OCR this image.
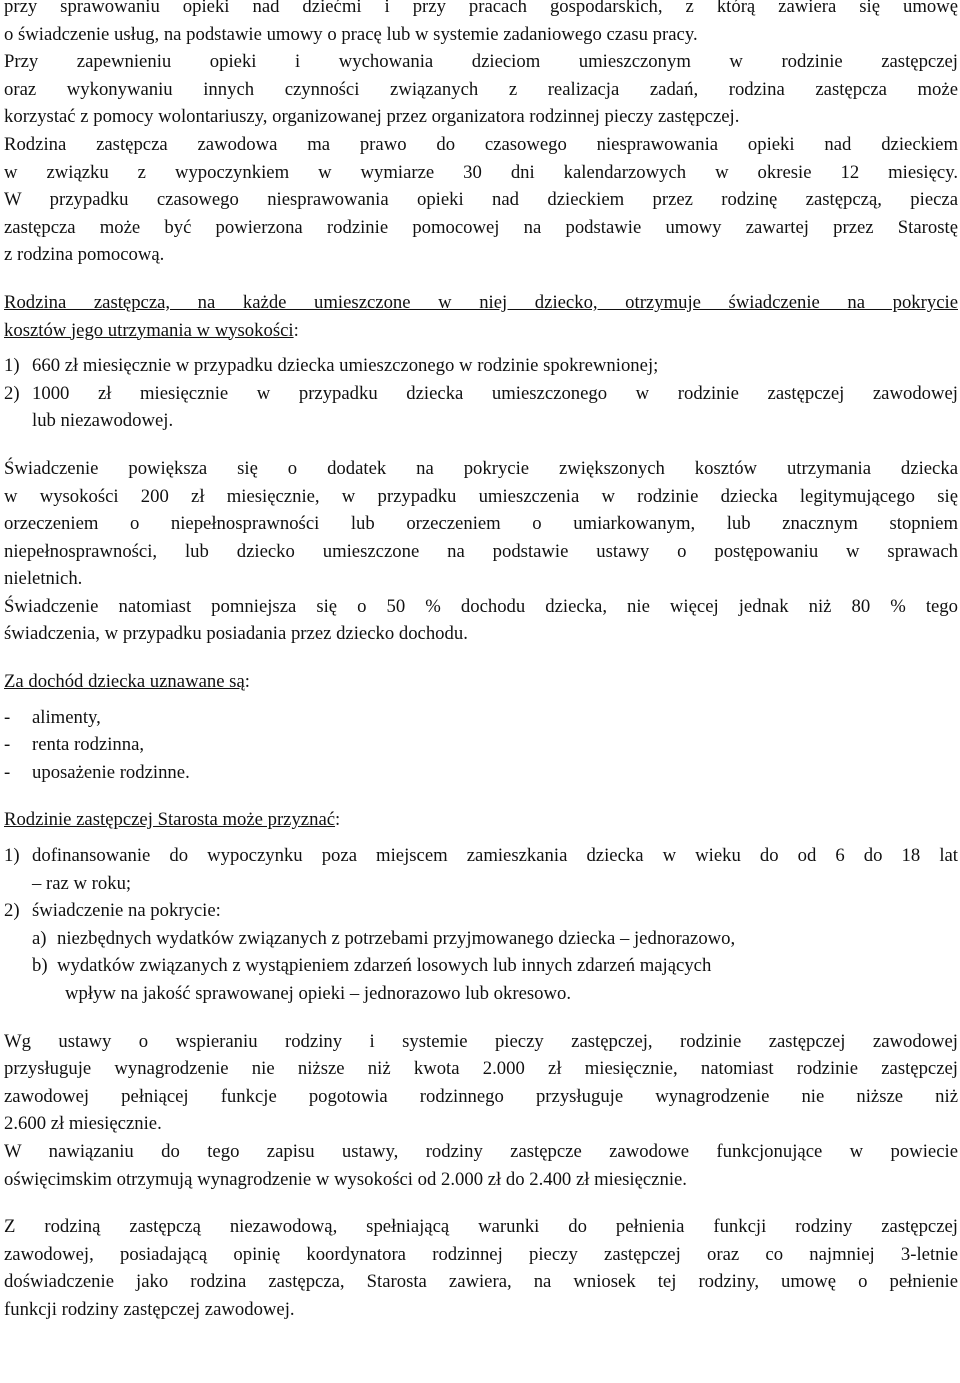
przy sprawowaniu opieki nad dziećmi i przy pracach gospodarskich, z którą zawiera się umowę

o świadczenie usług, na podstawie umowy o pracę lub w systemie zadaniowego czasu pracy.

Przy zapewnieniu opieki i wychowania dzieciom umieszczonym w rodzinie zastępczej

oraz wykonywaniu innych czynności związanych z realizacja zadań, rodzina zastępcza może

korzystać z pomocy wolontariuszy, organizowanej przez organizatora rodzinnej pieczy zastępczej.

Rodzina zastępcza zawodowa ma prawo do czasowego niesprawowania opieki nad dzieckiem

w związku z wypoczynkiem w wymiarze 30 dni kalendarzowych w okresie 12 miesięcy.

W przypadku czasowego niesprawowania opieki nad dzieckiem przez rodzinę zastępczą, piecza

zastępcza może być powierzona rodzinie pomocowej na podstawie umowy zawartej przez Starostę

z rodzina pomocową.

Rodzina zastępcza, na każde umieszczone w niej dziecko, otrzymuje świadczenie na pokrycie

kosztów jego utrzymania w wysokości:

1) 660 zł miesięcznie w przypadku dziecka umieszczonego w rodzinie spokrewnionej;
2) 1000 zł miesięcznie w przypadku dziecka umieszczonego w rodzinie zastępczej zawodowej

lub niezawodowej.

Świadczenie powiększa się o dodatek na pokrycie zwiększonych kosztów utrzymania dziecka

w wysokości 200 zł miesięcznie, w przypadku umieszczenia w rodzinie dziecka legitymującego się

orzeczeniem o niepełnosprawności lub orzeczeniem o umiarkowanym, lub znacznym stopniem

niepełnosprawności, lub dziecko umieszczone na podstawie ustawy o postępowaniu w sprawach

nieletnich.

Świadczenie natomiast pomniejsza się o 50 % dochodu dziecka, nie więcej jednak niż 80 % tego

świadczenia, w przypadku posiadania przez dziecko dochodu.

Za dochód dziecka uznawane są:

-	alimenty,
-	renta rodzinna,
-	uposażenie rodzinne.

Rodzinie zastępczej Starosta może przyznać:

1) dofinansowanie do wypoczynku poza miejscem zamieszkania dziecka w wieku do od 6 do 18 lat

– raz w roku;

2) świadczenie na pokrycie:
a) niezbędnych wydatków związanych z potrzebami przyjmowanego dziecka – jednorazowo,
b) wydatków związanych z wystąpieniem zdarzeń losowych lub innych zdarzeń mających

wpływ na jakość sprawowanej opieki – jednorazowo lub okresowo.

Wg ustawy o wspieraniu rodziny i systemie pieczy zastępczej, rodzinie zastępczej zawodowej

przysługuje wynagrodzenie nie niższe niż kwota 2.000 zł miesięcznie, natomiast rodzinie zastępczej

zawodowej pełniącej funkcje pogotowia rodzinnego przysługuje wynagrodzenie nie niższe niż

2.600 zł miesięcznie.

W nawiązaniu do tego zapisu ustawy, rodziny zastępcze zawodowe funkcjonujące w powiecie

oświęcimskim otrzymują wynagrodzenie w wysokości od 2.000 zł do 2.400 zł miesięcznie.

Z rodziną zastępczą niezawodową, spełniającą warunki do pełnienia funkcji rodziny zastępczej

zawodowej, posiadającą opinię koordynatora rodzinnej pieczy zastępczej oraz co najmniej 3-letnie

doświadczenie jako rodzina zastępcza, Starosta zawiera, na wniosek tej rodziny, umowę o pełnienie

funkcji rodziny zastępczej zawodowej.
